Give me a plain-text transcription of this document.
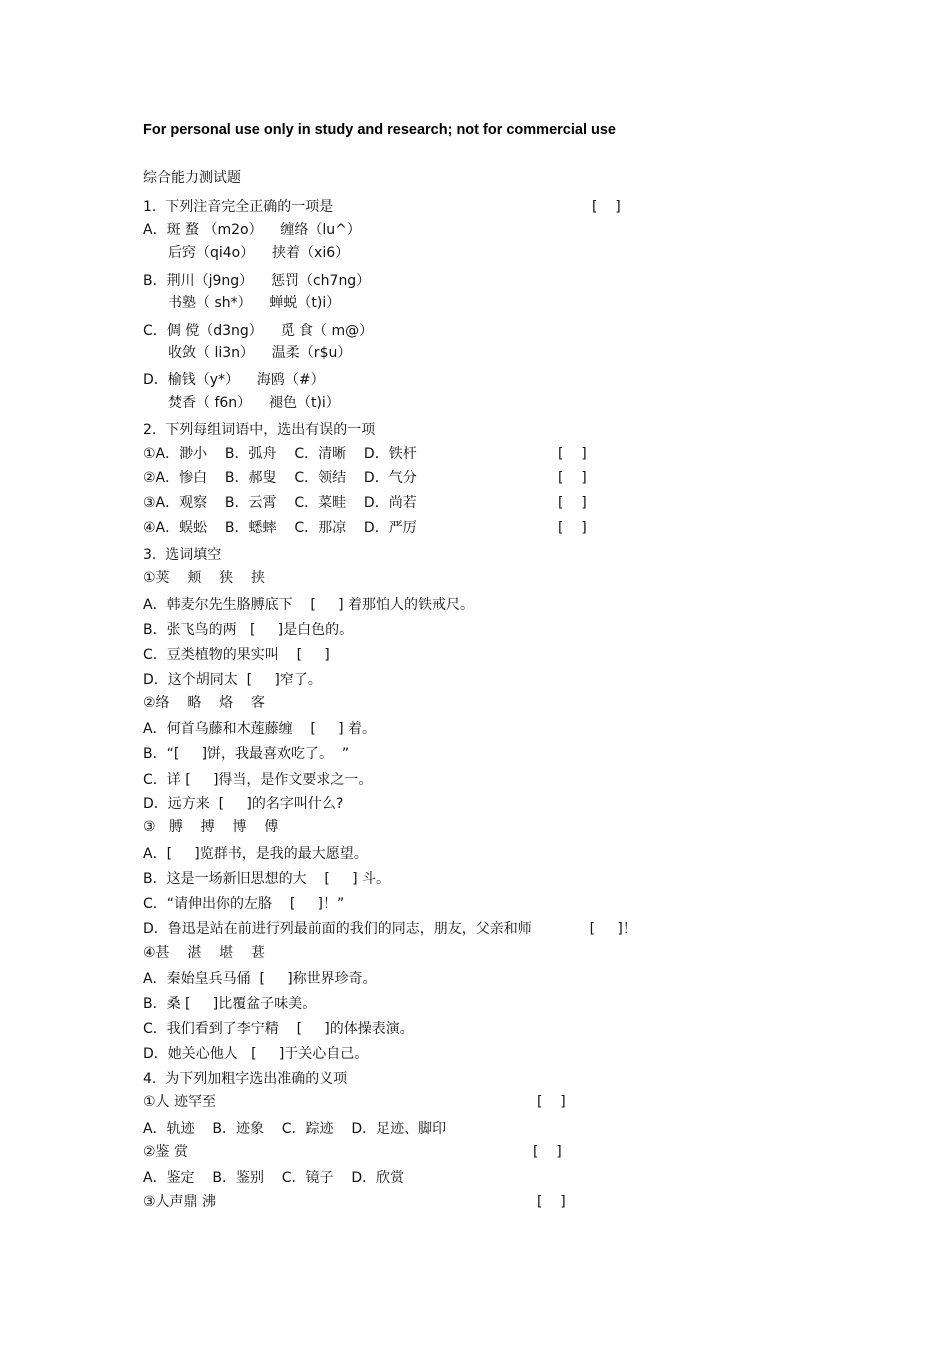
For personal use only in study and research; not for commercial use
综合能力测试题
1.  下列注音完全正确的一项是	[    ]
A．斑 蝥 （m2o）    缠络（lu^）
后窍（qi4o）    挟着（xi6）
B．荆川（j9ng）    惩罚（ch7ng）
书塾（ sh*）    蝉蜕（t)i）
C．倜 傥（d3ng）    觅 食（ m@）
收敛（ li3n）    温柔（r$u）
D．榆钱（y*）    海鸥（#）
焚香（ f6n）    褪色（t)i）
2.  下列每组词语中，选出有误的一项
①A．渺小    B．弧舟    C．清晰    D．铁杆	[    ]
②A．惨白    B．郝叟    C．领结    D．气分	[    ]
③A．观察    B．云霄    C．菜畦    D．尚若	[    ]
④A．蜈蚣    B．蟋蟀    C．那凉    D．严厉	[    ]
3.  选词填空
①荚    颊    狭    挟
A．韩麦尔先生胳膊底下    [     ] 着那怕人的铁戒尺。
B．张飞鸟的两   [     ]是白色的。
C．豆类植物的果实叫    [     ]
D．这个胡同太  [     ]窄了。
②络    略    烙    客
A．何首乌藤和木莲藤缠    [     ] 着。
B．“[     ]饼，我最喜欢吃了。  ”
C．详 [     ]得当，是作文要求之一。
D．远方来  [     ]的名字叫什么?
③   膊    搏    博    傅
A．[     ]览群书，是我的最大愿望。
B．这是一场新旧思想的大    [     ] 斗。
C．“请伸出你的左胳    [     ]！”
D．鲁迅是站在前进行列最前面的我们的同志，朋友，父亲和师             [     ]！
④甚    湛    堪    葚
A．秦始皇兵马俑  [     ]称世界珍奇。
B．桑 [     ]比覆盆子味美。
C．我们看到了李宁精    [     ]的体操表演。
D．她关心他人   [     ]于关心自己。
4.  为下列加粗字选出准确的义项
①人 迹罕至	[    ]
A．轨迹    B．迹象    C．踪迹    D．足迹、脚印
②鉴 赏	[    ]
A．鉴定    B．鉴别    C．镜子    D．欣赏
③人声鼎 沸	[    ]
